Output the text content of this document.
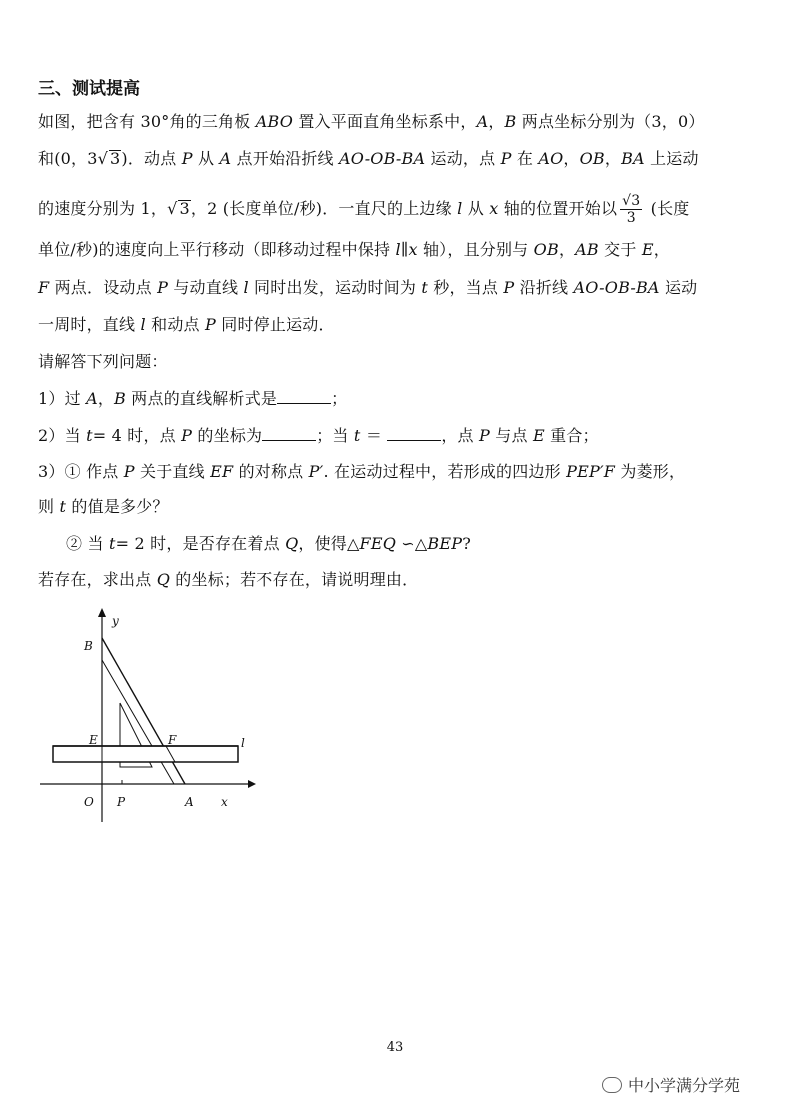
三、测试提高
如图，把含有 30°角的三角板 ABO 置入平面直角坐标系中，A，B 两点坐标分别为（3，0）
和(0，3√ 3)．动点 P 从 A 点开始沿折线 AO-OB-BA 运动，点 P 在 AO，OB，BA 上运动
的速度分别为 1，√ 3，2 (长度单位/秒)．一直尺的上边缘 l 从 x 轴的位置开始以 $\frac{√3}{3}$ (长度
单位/秒)的速度向上平行移动（即移动过程中保持 l∥x 轴），且分别与 OB，AB 交于 E，
F 两点．设动点 P 与动直线 l 同时出发，运动时间为 t 秒，当点 P 沿折线 AO-OB-BA 运动
一周时，直线 l 和动点 P 同时停止运动．
请解答下列问题：
1）过 A，B 两点的直线解析式是	；
2）当 t= 4 时，点 P 的坐标为	；当 t ＝	，点 P 与点 E 重合；
3）① 作点 P 关于直线 EF 的对称点 P′. 在运动过程中，若形成的四边形 PEP′F 为菱形，
则 t 的值是多少？
② 当 t= 2 时，是否存在着点 Q，使得△FEQ ∽△BEP?
若存在，求出点 Q 的坐标；若不存在，请说明理由．
y
x
O P	A
B
E	F	l
43
中小学满分学苑
